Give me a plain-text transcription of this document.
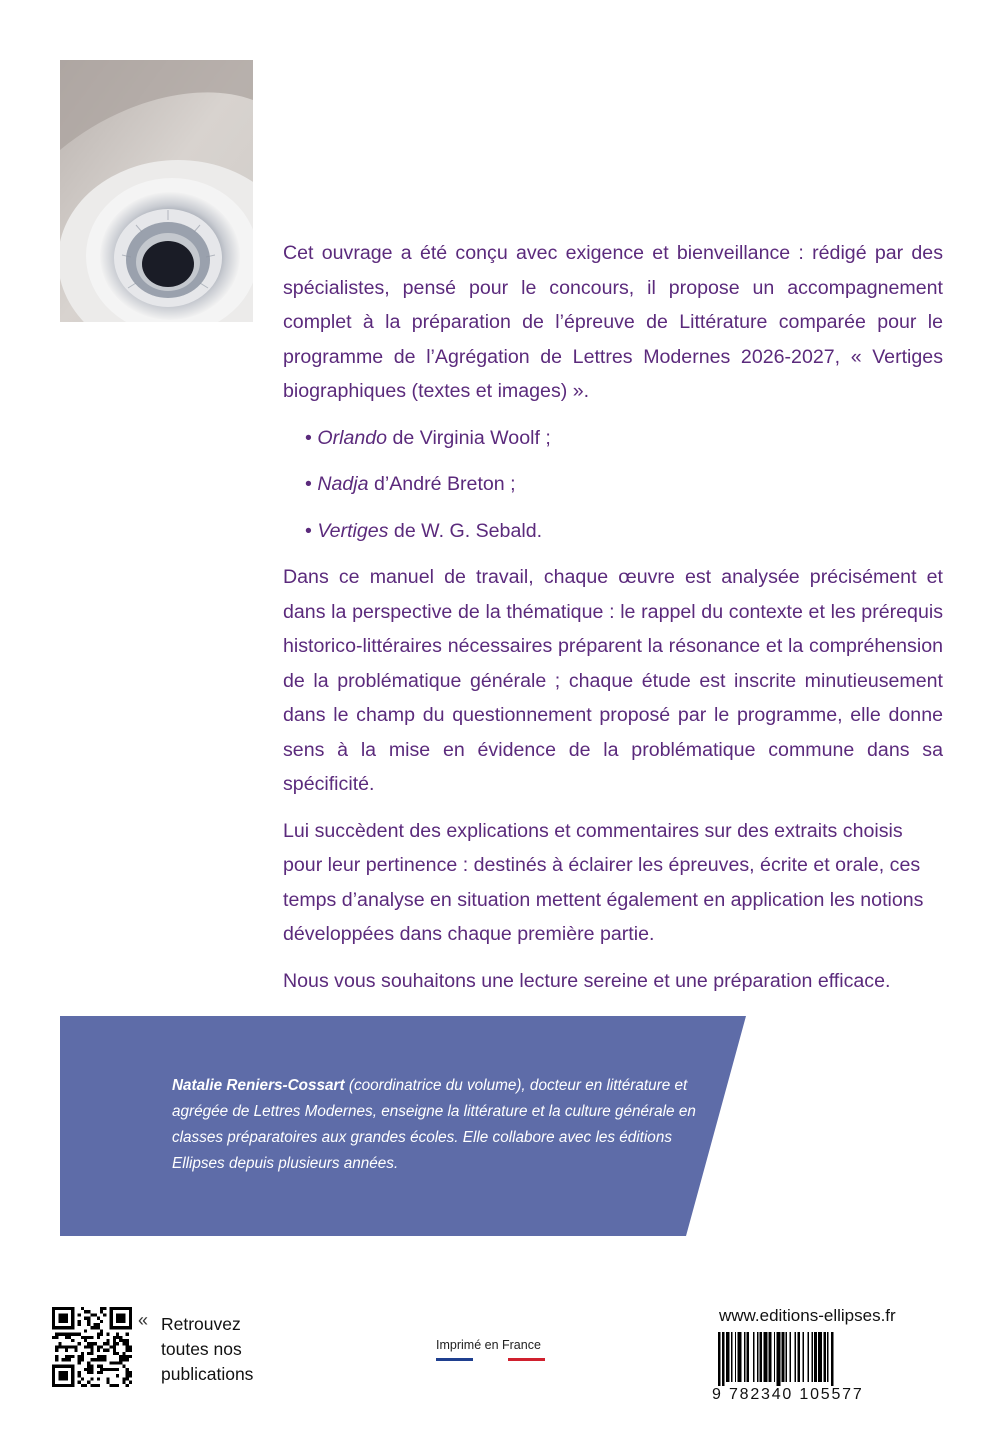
Cet ouvrage a été conçu avec exigence et bienveillance : rédigé par des spécialistes, pensé pour le concours, il propose un accompagnement complet à la préparation de l’épreuve de Littérature comparée pour le programme de l’Agrégation de Lettres Modernes 2026-2027, « Vertiges biographiques (textes et images) ».

• Orlando de Virginia Woolf ;
• Nadja d’André Breton ;
• Vertiges de W. G. Sebald.

Dans ce manuel de travail, chaque œuvre est analysée précisément et dans la perspective de la thématique : le rappel du contexte et les prérequis historico-littéraires nécessaires préparent la résonance et la compréhension de la problématique générale ; chaque étude est inscrite minutieusement dans le champ du questionnement proposé par le programme, elle donne sens à la mise en évidence de la problématique commune dans sa spécificité.

Lui succèdent des explications et commentaires sur des extraits choisis pour leur pertinence : destinés à éclairer les épreuves, écrite et orale, ces temps d’analyse en situation mettent également en application les notions développées dans chaque première partie.

Nous vous souhaitons une lecture sereine et une préparation efficace.

Natalie Reniers-Cossart (coordinatrice du volume), docteur en littérature et agrégée de Lettres Modernes, enseigne la littérature et la culture générale en classes préparatoires aux grandes écoles. Elle collabore avec les éditions Ellipses depuis plusieurs années.
« Retrouvez
toutes nos
publications
Imprimé en France
www.editions-ellipses.fr
9 782340 105577
